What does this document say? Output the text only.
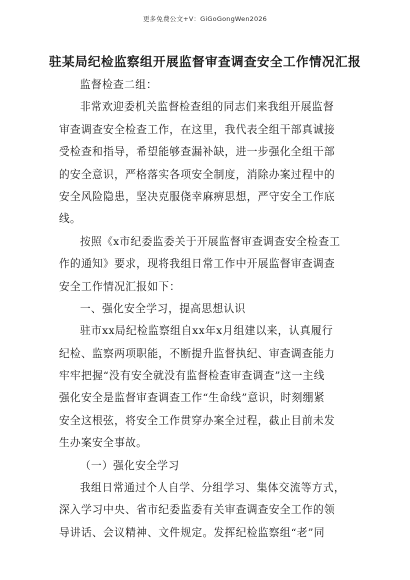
更多免费公文+V：GiGoGongWen2026
驻某局纪检监察组开展监督审查调查安全工作情况汇报
监督检查二组：
非常欢迎委机关监督检查组的同志们来我组开展监督
审查调查安全检查工作，在这里，我代表全组干部真诚接
受检查和指导，希望能够查漏补缺，进一步强化全组干部
的安全意识，严格落实各项安全制度，消除办案过程中的
安全风险隐患，坚决克服侥幸麻痹思想，严守安全工作底
线。
按照《x市纪委监委关于开展监督审查调查安全检查工
作的通知》要求，现将我组日常工作中开展监督审查调查
安全工作情况汇报如下：
一、强化安全学习，提高思想认识
驻市xx局纪检监察组自xx年x月组建以来，认真履行
纪检、监察两项职能，不断提升监督执纪、审查调查能力
牢牢把握“没有安全就没有监督检查审查调查”这一主线
强化安全是监督审查调查工作“生命线”意识，时刻绷紧
安全这根弦，将安全工作贯穿办案全过程，截止目前未发
生办案安全事故。
（一）强化安全学习
我组日常通过个人自学、分组学习、集体交流等方式，
深入学习中央、省市纪委监委有关审查调查安全工作的领
导讲话、会议精神、文件规定。发挥纪检监察组“老”同
